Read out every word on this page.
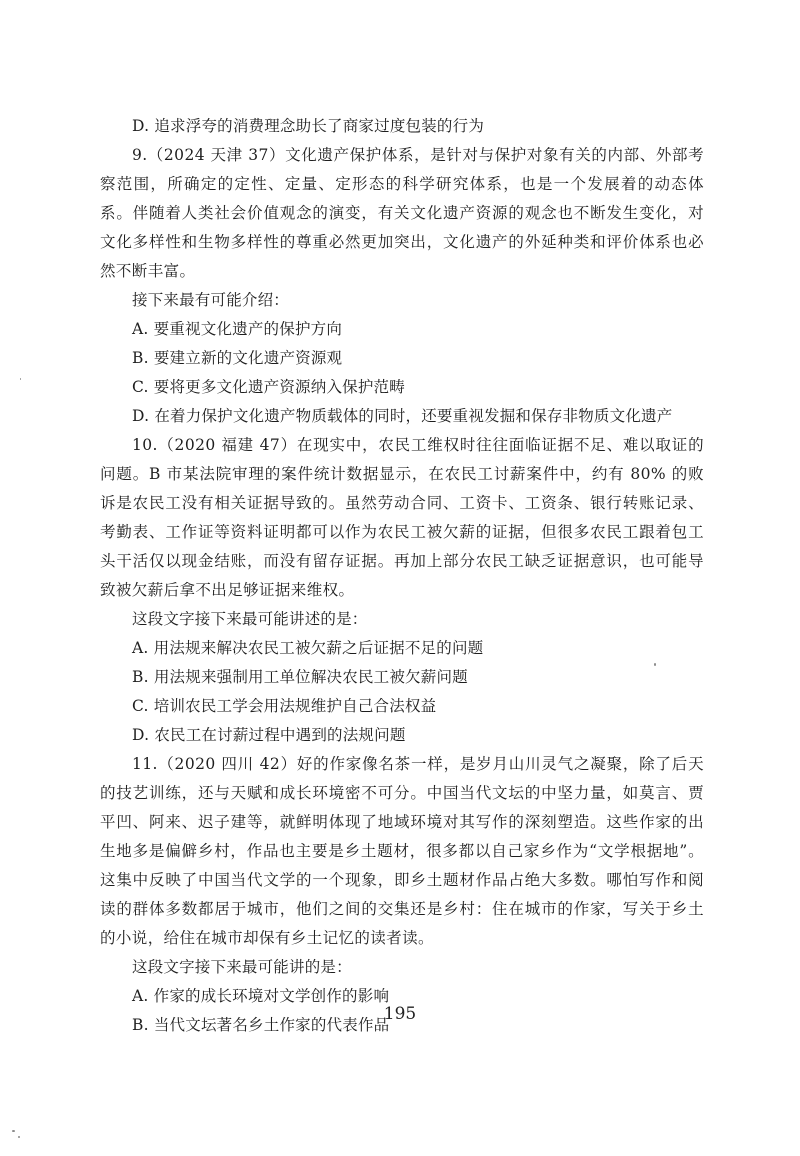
D. 追求浮夸的消费理念助长了商家过度包装的行为

9.（2024 天津 37）文化遗产保护体系，是针对与保护对象有关的内部、外部考察范围，所确定的定性、定量、定形态的科学研究体系，也是一个发展着的动态体系。伴随着人类社会价值观念的演变，有关文化遗产资源的观念也不断发生变化，对文化多样性和生物多样性的尊重必然更加突出，文化遗产的外延种类和评价体系也必然不断丰富。

接下来最有可能介绍：

A. 要重视文化遗产的保护方向

B. 要建立新的文化遗产资源观

C. 要将更多文化遗产资源纳入保护范畴

D. 在着力保护文化遗产物质载体的同时，还要重视发掘和保存非物质文化遗产

10.（2020 福建 47）在现实中，农民工维权时往往面临证据不足、难以取证的问题。B 市某法院审理的案件统计数据显示，在农民工讨薪案件中，约有 80% 的败诉是农民工没有相关证据导致的。虽然劳动合同、工资卡、工资条、银行转账记录、考勤表、工作证等资料证明都可以作为农民工被欠薪的证据，但很多农民工跟着包工头干活仅以现金结账，而没有留存证据。再加上部分农民工缺乏证据意识，也可能导致被欠薪后拿不出足够证据来维权。

这段文字接下来最可能讲述的是：

A. 用法规来解决农民工被欠薪之后证据不足的问题

B. 用法规来强制用工单位解决农民工被欠薪问题

C. 培训农民工学会用法规维护自己合法权益

D. 农民工在讨薪过程中遇到的法规问题

11.（2020 四川 42）好的作家像名茶一样，是岁月山川灵气之凝聚，除了后天的技艺训练，还与天赋和成长环境密不可分。中国当代文坛的中坚力量，如莫言、贾平凹、阿来、迟子建等，就鲜明体现了地域环境对其写作的深刻塑造。这些作家的出生地多是偏僻乡村，作品也主要是乡土题材，很多都以自己家乡作为“文学根据地”。这集中反映了中国当代文学的一个现象，即乡土题材作品占绝大多数。哪怕写作和阅读的群体多数都居于城市，他们之间的交集还是乡村：住在城市的作家，写关于乡土的小说，给住在城市却保有乡土记忆的读者读。

这段文字接下来最可能讲的是：

A. 作家的成长环境对文学创作的影响

B. 当代文坛著名乡土作家的代表作品

195
